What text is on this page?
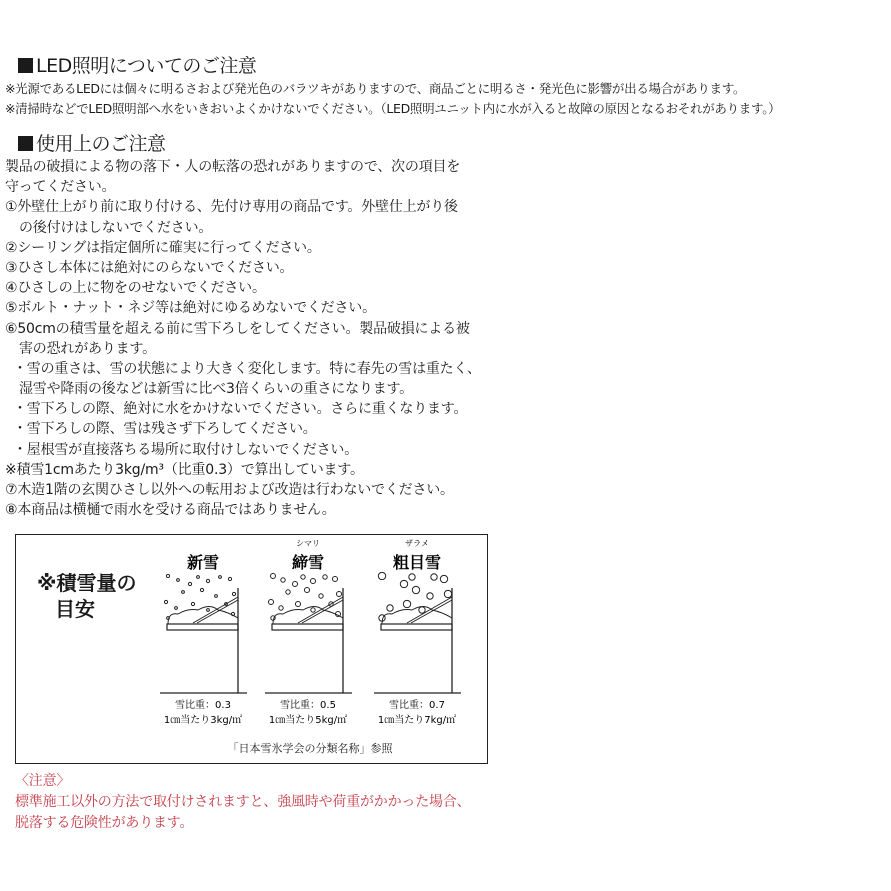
LED照明についてのご注意
※光源であるLEDには個々に明るさおよび発光色のバラツキがありますので、商品ごとに明るさ・発光色に影響が出る場合があります。
※清掃時などでLED照明部へ水をいきおいよくかけないでください。（LED照明ユニット内に水が入ると故障の原因となるおそれがあります。）
使用上のご注意
製品の破損による物の落下・人の転落の恐れがありますので、次の項目を
守ってください。
①外壁仕上がり前に取り付ける、先付け専用の商品です。外壁仕上がり後
の後付けはしないでください。
②シーリングは指定個所に確実に行ってください。
③ひさし本体には絶対にのらないでください。
④ひさしの上に物をのせないでください。
⑤ボルト・ナット・ネジ等は絶対にゆるめないでください。
⑥50cmの積雪量を超える前に雪下ろしをしてください。製品破損による被
害の恐れがあります。
・雪の重さは、雪の状態により大きく変化します。特に春先の雪は重たく、
湿雪や降雨の後などは新雪に比べ3倍くらいの重さになります。
・雪下ろしの際、絶対に水をかけないでください。さらに重くなります。
・雪下ろしの際、雪は残さず下ろしてください。
・屋根雪が直接落ちる場所に取付けしないでください。
※積雪1cmあたり3kg/m³（比重0.3）で算出しています。
⑦木造1階の玄関ひさし以外への転用および改造は行わないでください。
⑧本商品は横樋で雨水を受ける商品ではありません。
※積雪量の
目安
「日本雪氷学会の分類名称」参照
新雪
雪比重：0.3
1㎝当たり3kg/㎡
シマリ
締雪
雪比重：0.5
1㎝当たり5kg/㎡
ザラメ
粗目雪
雪比重：0.7
1㎝当たり7kg/㎡
〈注意〉
標準施工以外の方法で取付けされますと、強風時や荷重がかかった場合、
脱落する危険性があります。
